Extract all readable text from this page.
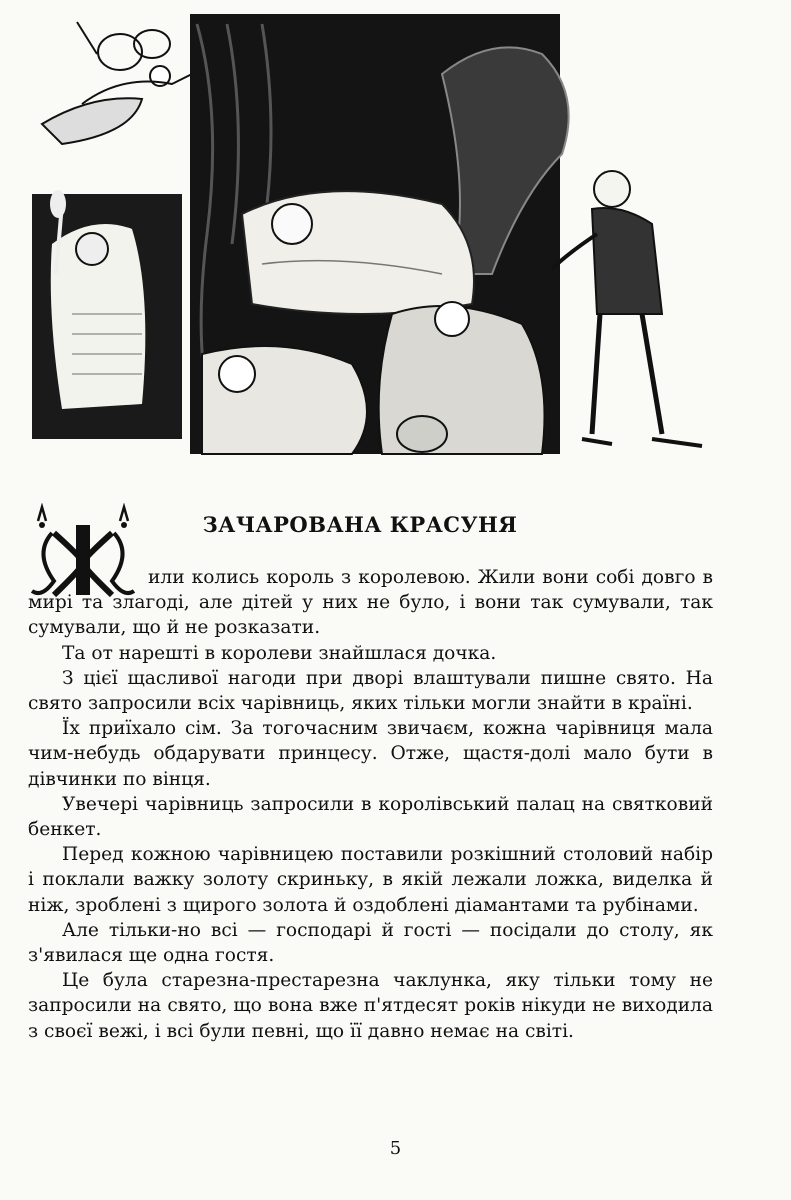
ЗАЧАРОВАНА КРАСУНЯ

или колись король з королевою. Жили вони собі довго в мирі та злагоді, але дітей у них не було, і вони так сумували, так сумували, що й не розказати.

Та от нарешті в королеви знайшлася дочка.

З цієї щасливої нагоди при дворі влаштували пишне свято. На свято запросили всіх чарівниць, яких тільки могли знайти в країні.

Їх приїхало сім. За тогочасним звичаєм, кожна чарівниця мала чим-небудь обдарувати принцесу. Отже, щастя-долі мало бути в дівчинки по вінця.

Увечері чарівниць запросили в королівський палац на святковий бенкет.

Перед кожною чарівницею поставили розкішний столовий набір і поклали важку золоту скриньку, в якій лежали ложка, виделка й ніж, зроблені з щирого золота й оздоблені діамантами та рубінами.

Але тільки-но всі — господарі й гості — посідали до столу, як з'явилася ще одна гостя.

Це була старезна-престарезна чаклунка, яку тільки тому не запросили на свято, що вона вже п'ятдесят років нікуди не виходила з своєї вежі, і всі були певні, що її давно немає на світі.

5
